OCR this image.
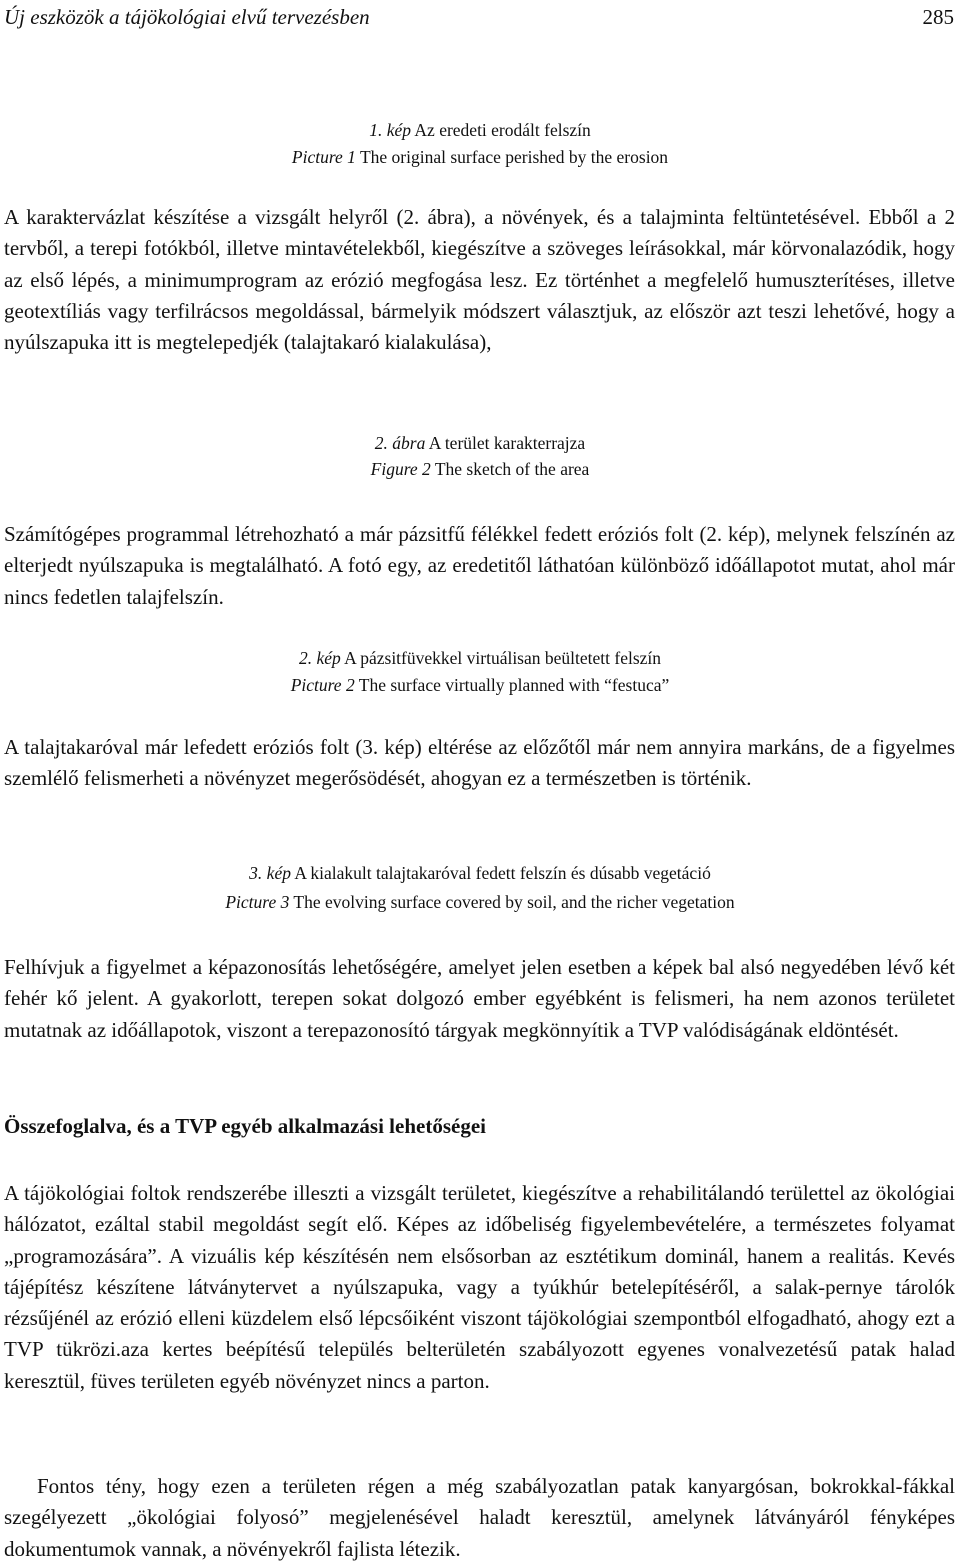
Új eszközök a tájökológiai elvű tervezésben	285
1. kép Az eredeti erodált felszín
Picture 1 The original surface perished by the erosion
A karaktervázlat készítése a vizsgált helyről (2. ábra), a növények, és a talajminta feltüntetésével. Ebből a 2 tervből, a terepi fotókból, illetve mintavételekből, kiegészítve a szöveges leírásokkal, már körvonalazódik, hogy az első lépés, a minimumprogram az erózió megfogása lesz. Ez történhet a megfelelő humuszterítéses, illetve geotextíliás vagy terfilrácsos megoldással, bármelyik módszert választjuk, az először azt teszi lehetővé, hogy a nyúlszapuka itt is megtelepedjék (talajtakaró kialakulása),
2. ábra A terület karakterrajza
Figure 2 The sketch of the area
Számítógépes programmal létrehozható a már pázsitfű félékkel fedett eróziós folt (2. kép), melynek felszínén az elterjedt nyúlszapuka is megtalálható. A fotó egy, az eredetitől láthatóan különböző időállapotot mutat, ahol már nincs fedetlen talajfelszín.
2. kép A pázsitfüvekkel virtuálisan beültetett felszín
Picture 2 The surface virtually planned with “festuca”
A talajtakaróval már lefedett eróziós folt (3. kép) eltérése az előzőtől már nem annyira markáns, de a figyelmes szemlélő felismerheti a növényzet megerősödését, ahogyan ez a természetben is történik.
3. kép A kialakult talajtakaróval fedett felszín és dúsabb vegetáció
Picture 3 The evolving surface covered by soil, and the richer vegetation
Felhívjuk a figyelmet a képazonosítás lehetőségére, amelyet jelen esetben a képek bal alsó negyedében lévő két fehér kő jelent. A gyakorlott, terepen sokat dolgozó ember egyébként is felismeri, ha nem azonos területet mutatnak az időállapotok, viszont a terepazonosító tárgyak megkönnyítik a TVP valódiságának eldöntését.
Összefoglalva, és a TVP egyéb alkalmazási lehetőségei
A tájökológiai foltok rendszerébe illeszti a vizsgált területet, kiegészítve a rehabilitálandó területtel az ökológiai hálózatot, ezáltal stabil megoldást segít elő. Képes az időbeliség figyelembevételére, a természetes folyamat „programozására”. A vizuális kép készítésén nem elsősorban az esztétikum dominál, hanem a realitás. Kevés tájépítész készítene látványtervet a nyúlszapuka, vagy a tyúkhúr betelepítéséről, a salak-pernye tárolók rézsűjénél az erózió elleni küzdelem első lépcsőiként viszont tájökológiai szempontból elfogadható, ahogy ezt a TVP tükrözi.aza kertes beépítésű település belterületén szabályozott egyenes vonalvezetésű patak halad keresztül, füves területen egyéb növényzet nincs a parton.
Fontos tény, hogy ezen a területen régen a még szabályozatlan patak kanyargósan, bokrokkal-fákkal szegélyezett „ökológiai folyosó” megjelenésével haladt keresztül, amelynek látványáról fényképes dokumentumok vannak, a növényekről fajlista létezik.
